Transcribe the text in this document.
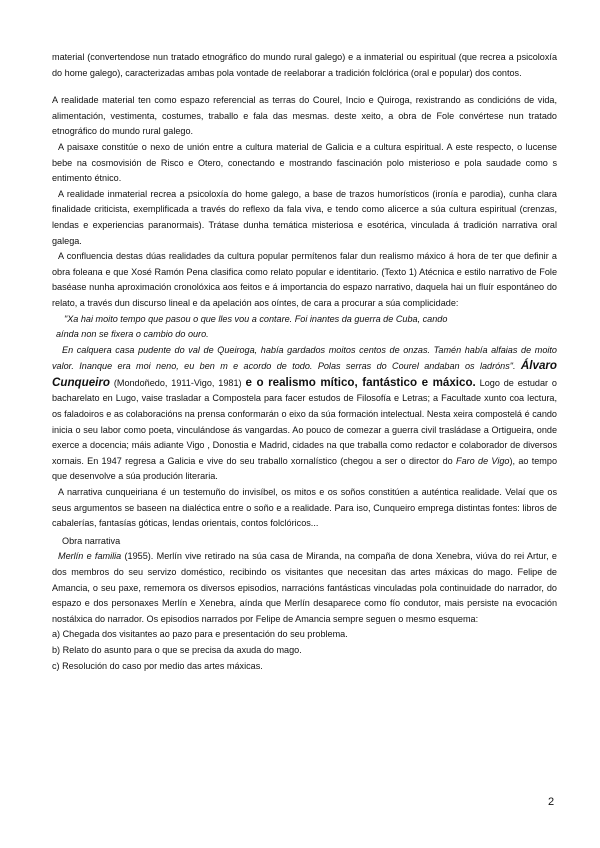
material (convertendose nun tratado etnográfico do mundo rural galego) e a inmaterial ou espiritual (que recrea a psicoloxía do home galego), caracterizadas ambas pola vontade de reelaborar a tradición folclórica (oral e popular) dos contos.

A realidade material ten como espazo referencial as terras do Courel, Incio e Quiroga, rexistrando as condicións de vida, alimentación, vestimenta, costumes, traballo e fala das mesmas. deste xeito, a obra de Fole convértese nun tratado etnográfico do mundo rural galego.

A paisaxe constitúe o nexo de unión entre a cultura material de Galicia e a cultura espiritual. A este respecto, o lucense bebe na cosmovisión de Risco e Otero, conectando e mostrando fascinación polo misterioso e pola saudade como s entimento étnico.

A realidade inmaterial recrea a psicoloxía do home galego, a base de trazos humorísticos (ironía e parodia), cunha clara finalidade criticista, exemplificada a través do reflexo da fala viva, e tendo como alicerce a súa cultura espiritual (crenzas, lendas e experiencias paranormais). Trátase dunha temática misteriosa e esotérica, vinculada á tradición narrativa oral galega.

A confluencia destas dúas realidades da cultura popular permítenos falar dun realismo máxico á hora de ter que definir a obra foleana e que Xosé Ramón Pena clasifica como relato popular e identitario. (Texto 1) Atécnica e estilo narrativo de Fole baséase nunha aproximación cronolóxica aos feitos e á importancia do espazo narrativo, daquela hai un fluír espontáneo do relato, a través dun discurso lineal e da apelación aos oíntes, de cara a procurar a súa complicidade:

"Xa hai moito tempo que pasou o que lles vou a contare. Foi inantes da guerra de Cuba, cando

aínda non se fixera o cambio do ouro.

En calquera casa pudente do val de Queiroga, había gardados moitos centos de onzas. Tamén había alfaias de moito valor. Inanque era moi neno, eu ben m e acordo de todo. Polas serras do Courel andaban os ladróns". Álvaro Cunqueiro (Mondoñedo, 1911-Vigo, 1981) e o realismo mítico, fantástico e máxico. Logo de estudar o bacharelato en Lugo, vaise trasladar a Compostela para facer estudos de Filosofía e Letras; a Facultade xunto coa lectura, os faladoiros e as colaboracións na prensa conformarán o eixo da súa formación intelectual. Nesta xeira compostelá é cando inicia o seu labor como poeta, vinculándose ás vangardas. Ao pouco de comezar a guerra civil trasládase a Ortigueira, onde exerce a docencia; máis adiante Vigo , Donostia e Madrid, cidades na que traballa como redactor e colaborador de diversos xornais. En 1947 regresa a Galicia e vive do seu traballo xornalístico (chegou a ser o director do Faro de Vigo), ao tempo que desenvolve a súa produción literaria.

A narrativa cunqueiriana é un testemuño do invisíbel, os mitos e os soños constitúen a auténtica realidade. Velaí que os seus argumentos se baseen na dialéctica entre o soño e a realidade. Para iso, Cunqueiro emprega distintas fontes: libros de cabalerías, fantasías góticas, lendas orientais, contos folclóricos...

Obra narrativa

Merlín e familia (1955). Merlín vive retirado na súa casa de Miranda, na compaña de dona Xenebra, viúva do rei Artur, e dos membros do seu servizo doméstico, recibindo os visitantes que necesitan das artes máxicas do mago. Felipe de Amancia, o seu paxe, rememora os diversos episodios, narracións fantásticas vinculadas pola continuidade do narrador, do espazo e dos personaxes Merlín e Xenebra, aínda que Merlín desaparece como fío condutor, mais persiste na evocación nostálxica do narrador. Os episodios narrados por Felipe de Amancia sempre seguen o mesmo esquema:

a) Chegada dos visitantes ao pazo para e presentación do seu problema.

b) Relato do asunto para o que se precisa da axuda do mago.

c) Resolución do caso por medio das artes máxicas.

2
